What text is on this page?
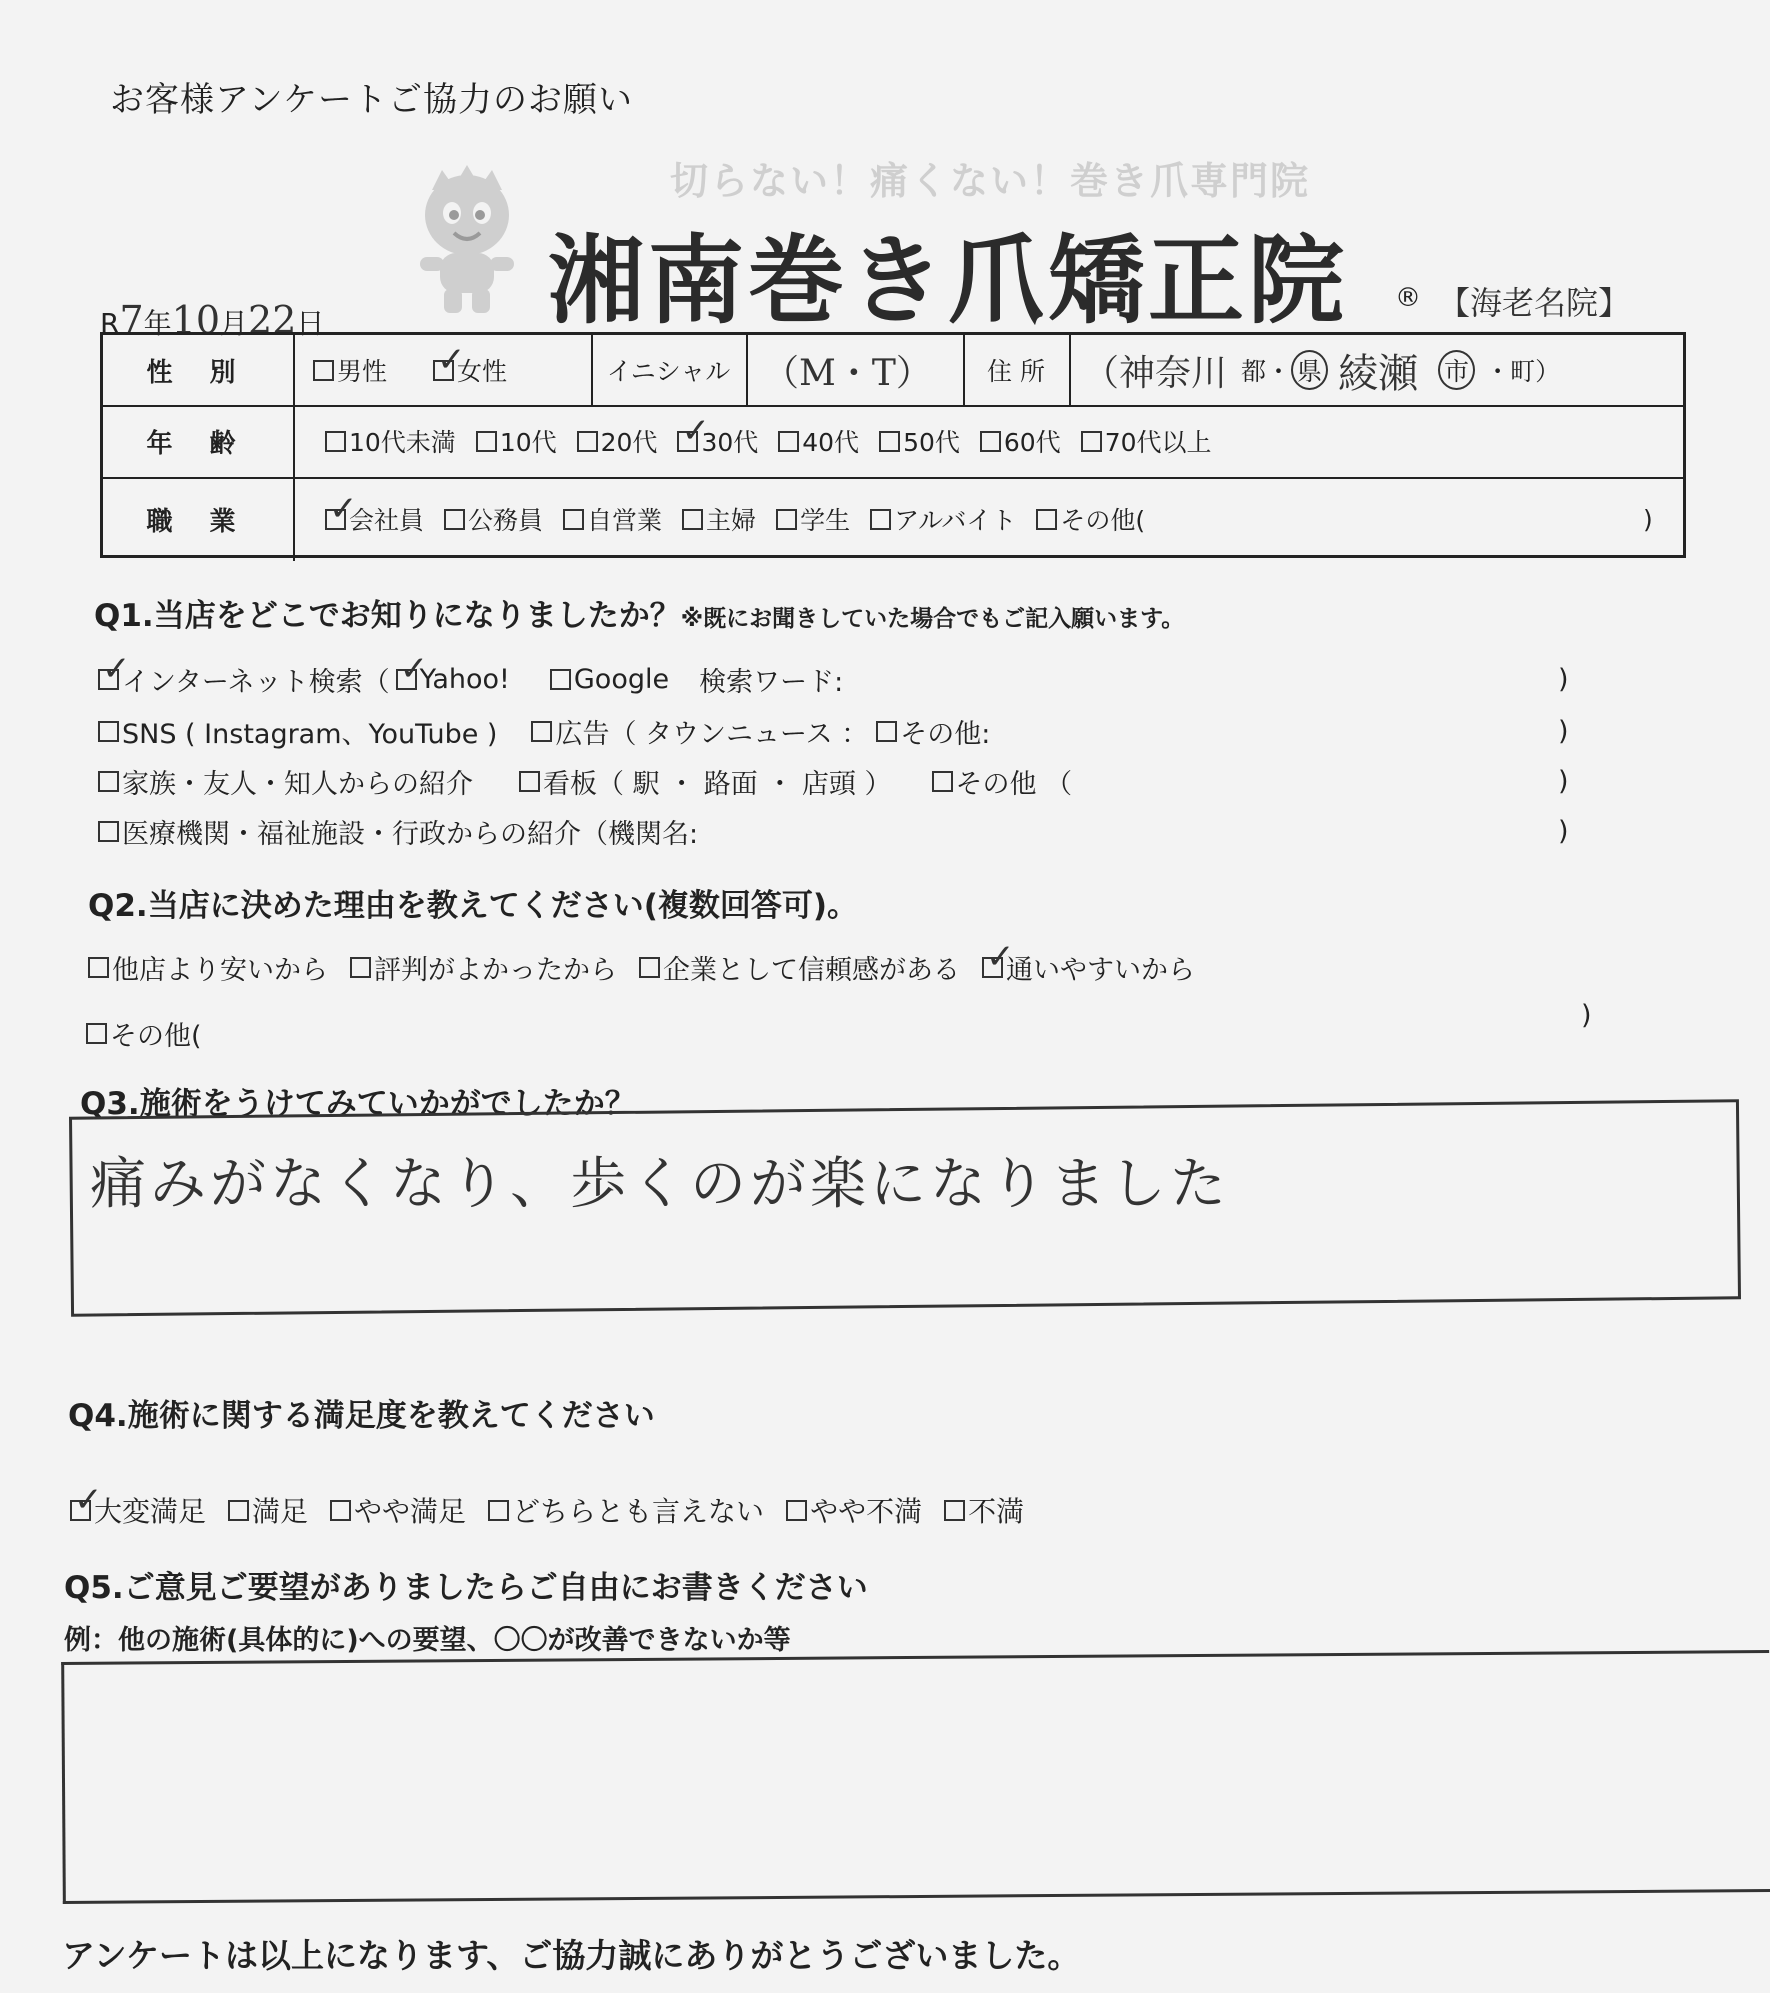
お客様アンケートご協力のお願い
切らない！痛くない！巻き爪専門院
湘南巻き爪矯正院 ® 【海老名院】
R7年10月22日
性 別	男性 ✓	女性	イニシャル （M・T）	住 所	（神奈川 都・ 県 綾瀬 市 ・町）
年 齢	10代未満 10代 20代 ✓ 30代 40代 50代 60代 70代以上
職 業 ✓	会社員 公務員 自営業 主婦 学生 アルバイト その他(	)
Q1.当店をどこでお知りになりましたか？※既にお聞きしていた場合でもご記入願います。
✓
インターネット検索（ ✓ Yahoo! Google 検索ワード:	)
SNS ( Instagram、YouTube ) 広告（ タウンニュース ： その他:	)
家族・友人・知人からの紹介	看板（ 駅 ・ 路面 ・ 店頭 ） その他 （	)
医療機関・福祉施設・行政からの紹介（機関名:	)
Q2.当店に決めた理由を教えてください(複数回答可)。
他店より安いから 評判がよかったから 企業として信頼感がある ✓ 通いやすいから
その他(
)
Q3.施術をうけてみていかがでしたか？
痛みがなくなり、歩くのが楽になりました
Q4.施術に関する満足度を教えてください
✓
大変満足 満足 やや満足 どちらとも言えない やや不満 不満
Q5.ご意見ご要望がありましたらご自由にお書きください
例：他の施術(具体的に)への要望、〇〇が改善できないか等
アンケートは以上になります、ご協力誠にありがとうございました。
